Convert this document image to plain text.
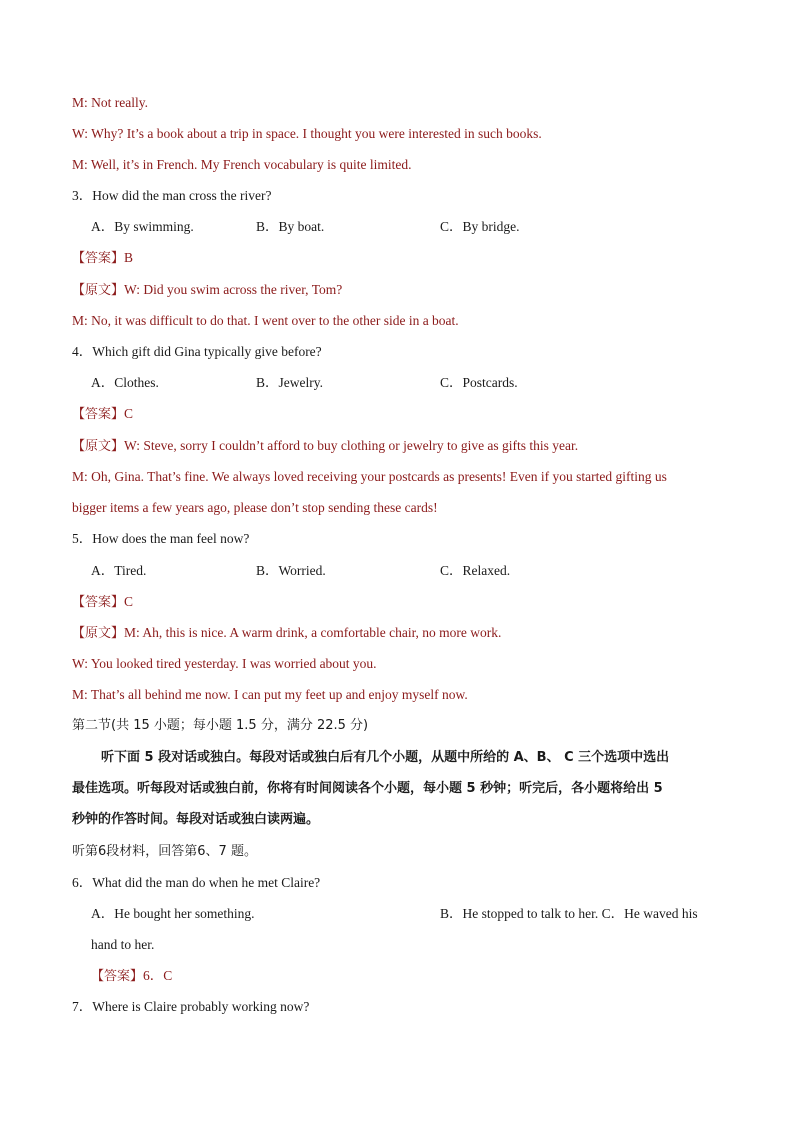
M: Not really.
W: Why? It’s a book about a trip in space. I thought you were interested in such books.
M: Well, it’s in French. My French vocabulary is quite limited.
3．How did the man cross the river?
A．By swimming.	B．By boat.	C．By bridge.
【答案】B
【原文】W: Did you swim across the river, Tom?
M: No, it was difficult to do that. I went over to the other side in a boat.
4．Which gift did Gina typically give before?
A．Clothes.	B．Jewelry.	C．Postcards.
【答案】C
【原文】W: Steve, sorry I couldn’t afford to buy clothing or jewelry to give as gifts this year.
M: Oh, Gina. That’s fine. We always loved receiving your postcards as presents! Even if you started gifting us
bigger items a few years ago, please don’t stop sending these cards!
5．How does the man feel now?
A．Tired.	B．Worried.	C．Relaxed.
【答案】C
【原文】M: Ah, this is nice. A warm drink, a comfortable chair, no more work.
W: You looked tired yesterday. I was worried about you.
M: That’s all behind me now. I can put my feet up and enjoy myself now.
第二节(共 15 小题；每小题 1.5 分，满分 22.5 分)
听下面 5 段对话或独白。每段对话或独白后有几个小题，从题中所给的 A、B、 C 三个选项中选出
最佳选项。听每段对话或独白前，你将有时间阅读各个小题，每小题 5 秒钟；听完后，各小题将给出 5
秒钟的作答时间。每段对话或独白读两遍。
听第6段材料，回答第6、7 题。
6．What did the man do when he met Claire?
A．He bought her something.	B．He stopped to talk to her. C．He waved his
hand to her.
【答案】6．C
7．Where is Claire probably working now?
